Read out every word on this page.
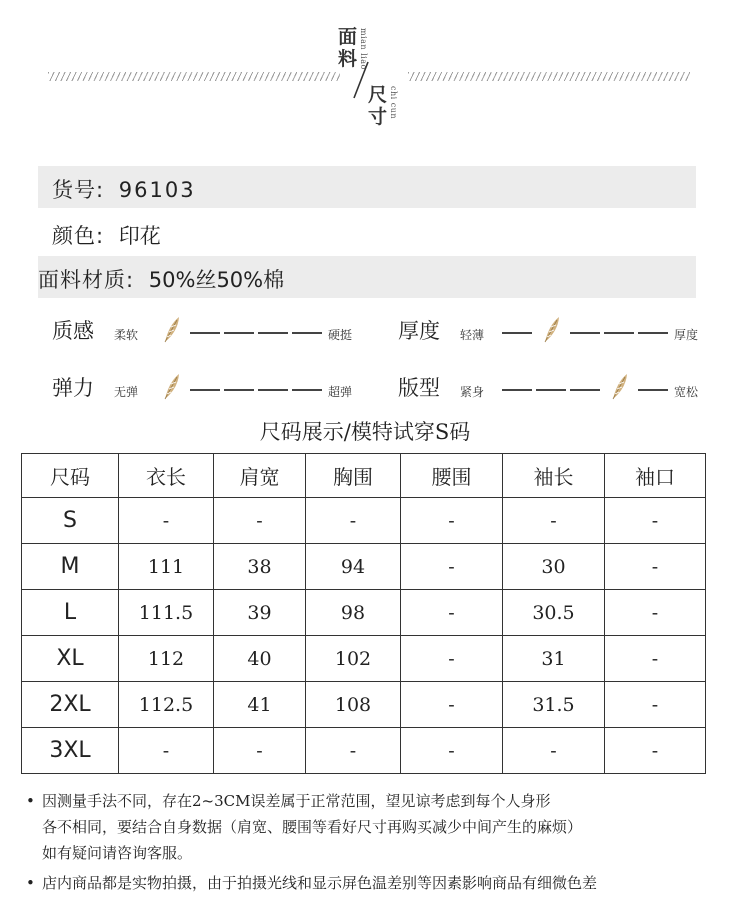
面
料 mian liao
尺
寸 chi cun
货号: 96103
颜色: 印花
面料材质: 50%丝50%棉
质感 柔软	硬挺 厚度 轻薄	厚度
弹力 无弹	超弹 版型 紧身	宽松
尺码展示/模特试穿S码
尺码	衣长	肩宽	胸围	腰围	袖长	袖口
S	-	-	-	-	-	-
M	111	38	94	-	30	-
L	111.5	39	98	-	30.5	-
XL	112	40	102	-	31	-
2XL	112.5	41	108	-	31.5	-
3XL	-	-	-	-	-	-
• 因测量手法不同，存在2~3CM误差属于正常范围，望见谅考虑到每个人身形
各不相同，要结合自身数据（肩宽、腰围等看好尺寸再购买减少中间产生的麻烦）
如有疑问请咨询客服。
• 店内商品都是实物拍摄，由于拍摄光线和显示屏色温差别等因素影响商品有细微色差
